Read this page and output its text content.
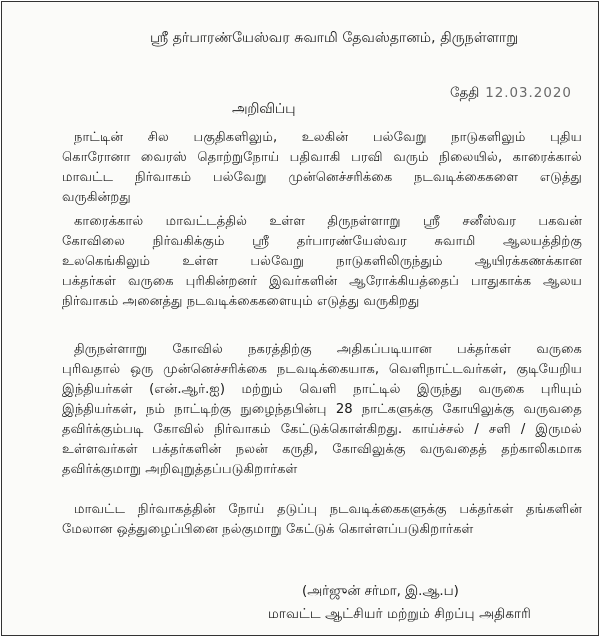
ஸ்ரீ தர்பாரண்யேஸ்வர சுவாமி தேவஸ்தானம், திருநள்ளாறு
தேதி 12.03.2020
அறிவிப்பு
நாட்டின் சில பகுதிகளிலும், உலகின் பல்வேறு நாடுகளிலும் புதிய
கொரோனா வைரஸ் தொற்றுநோய் பதிவாகி பரவி வரும் நிலையில், காரைக்கால்
மாவட்ட நிர்வாகம் பல்வேறு முன்னெச்சரிக்கை நடவடிக்கைகளை எடுத்து
வருகின்றது
காரைக்கால் மாவட்டத்தில் உள்ள திருநள்ளாறு ஸ்ரீ சனீஸ்வர பகவன்
கோவிலை நிர்வகிக்கும் ஸ்ரீ தர்பாரண்யேஸ்வர சுவாமி ஆலயத்திற்கு
உலகெங்கிலும் உள்ள பல்வேறு நாடுகளிலிருந்தும் ஆயிரக்கணக்கான
பக்தர்கள் வருகை புரிகின்றனர் இவர்களின் ஆரோக்கியத்தைப் பாதுகாக்க ஆலய
நிர்வாகம் அனைத்து நடவடிக்கைகளையும் எடுத்து வருகிறது
திருநள்ளாறு கோவில் நகரத்திற்கு அதிகப்படியான பக்தர்கள் வருகை
புரிவதால் ஒரு முன்னெச்சரிக்கை நடவடிக்கையாக, வெளிநாட்டவர்கள், குடியேறிய
இந்தியர்கள் (என்.ஆர்.ஐ) மற்றும் வெளி நாட்டில் இருந்து வருகை புரியும்
இந்தியர்கள், நம் நாட்டிற்கு நுழைந்தபின்பு 28 நாட்களுக்கு கோயிலுக்கு வருவதை
தவிர்க்கும்படி கோவில் நிர்வாகம் கேட்டுக்கொள்கிறது. காய்ச்சல் / சளி / இருமல்
உள்ளவர்கள் பக்தர்களின் நலன் கருதி, கோவிலுக்கு வருவதைத் தற்காலிகமாக
தவிர்க்குமாறு அறிவுறுத்தப்படுகிறார்கள்
மாவட்ட நிர்வாகத்தின் நோய் தடுப்பு நடவடிக்கைகளுக்கு பக்தர்கள் தங்களின்
மேலான ஒத்துழைப்பினை நல்குமாறு கேட்டுக் கொள்ளப்படுகிறார்கள்
(அர்ஜுன் சர்மா, இ.ஆ.ப)
மாவட்ட ஆட்சியர் மற்றும் சிறப்பு அதிகாரி
